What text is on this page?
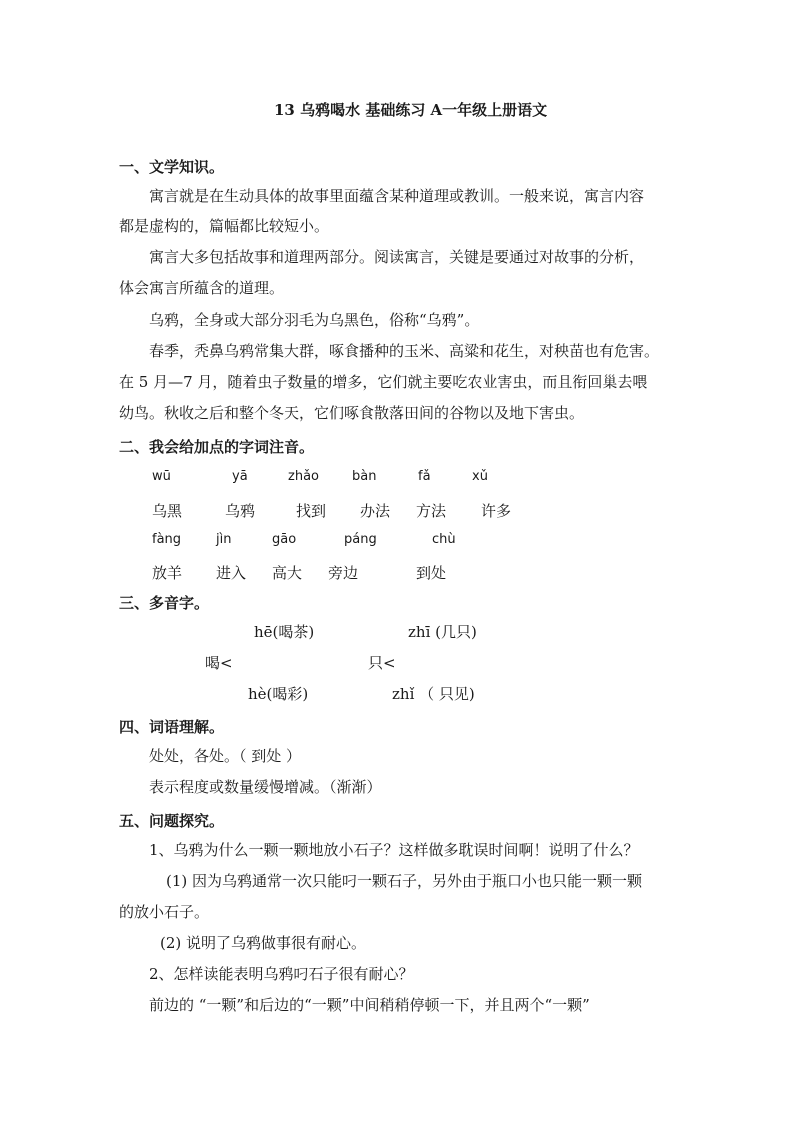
13 乌鸦喝水 基础练习 A一年级上册语文
一、文学知识。
寓言就是在生动具体的故事里面蕴含某种道理或教训。一般来说，寓言内容
都是虚构的，篇幅都比较短小。
寓言大多包括故事和道理两部分。阅读寓言，关键是要通过对故事的分析，
体会寓言所蕴含的道理。
乌鸦，全身或大部分羽毛为乌黑色，俗称“乌鸦”。
春季，秃鼻乌鸦常集大群，啄食播种的玉米、高粱和花生，对秧苗也有危害。
在 5 月—7 月，随着虫子数量的增多，它们就主要吃农业害虫，而且衔回巢去喂
幼鸟。秋收之后和整个冬天，它们啄食散落田间的谷物以及地下害虫。
二、我会给加点的字词注音。
wū	yā	zhǎo	bàn	fǎ	xǔ
乌黑	乌鸦	找到 办法 方法 许多
fàng	jìn	gāo	páng	chù
放羊 进入 高大 旁边	到处
三、多音字。
hē(喝茶)	zhī (几只)
喝<	只<
hè(喝彩)	zhǐ （ 只见)
四、词语理解。
处处，各处。（ 到处 ）
表示程度或数量缓慢增减。（渐渐）
五、问题探究。
1、乌鸦为什么一颗一颗地放小石子？这样做多耽误时间啊！说明了什么？
(1) 因为乌鸦通常一次只能叼一颗石子，另外由于瓶口小也只能一颗一颗
的放小石子。
(2) 说明了乌鸦做事很有耐心。
2、怎样读能表明乌鸦叼石子很有耐心？
前边的 “一颗”和后边的“一颗”中间稍稍停顿一下，并且两个“一颗”
